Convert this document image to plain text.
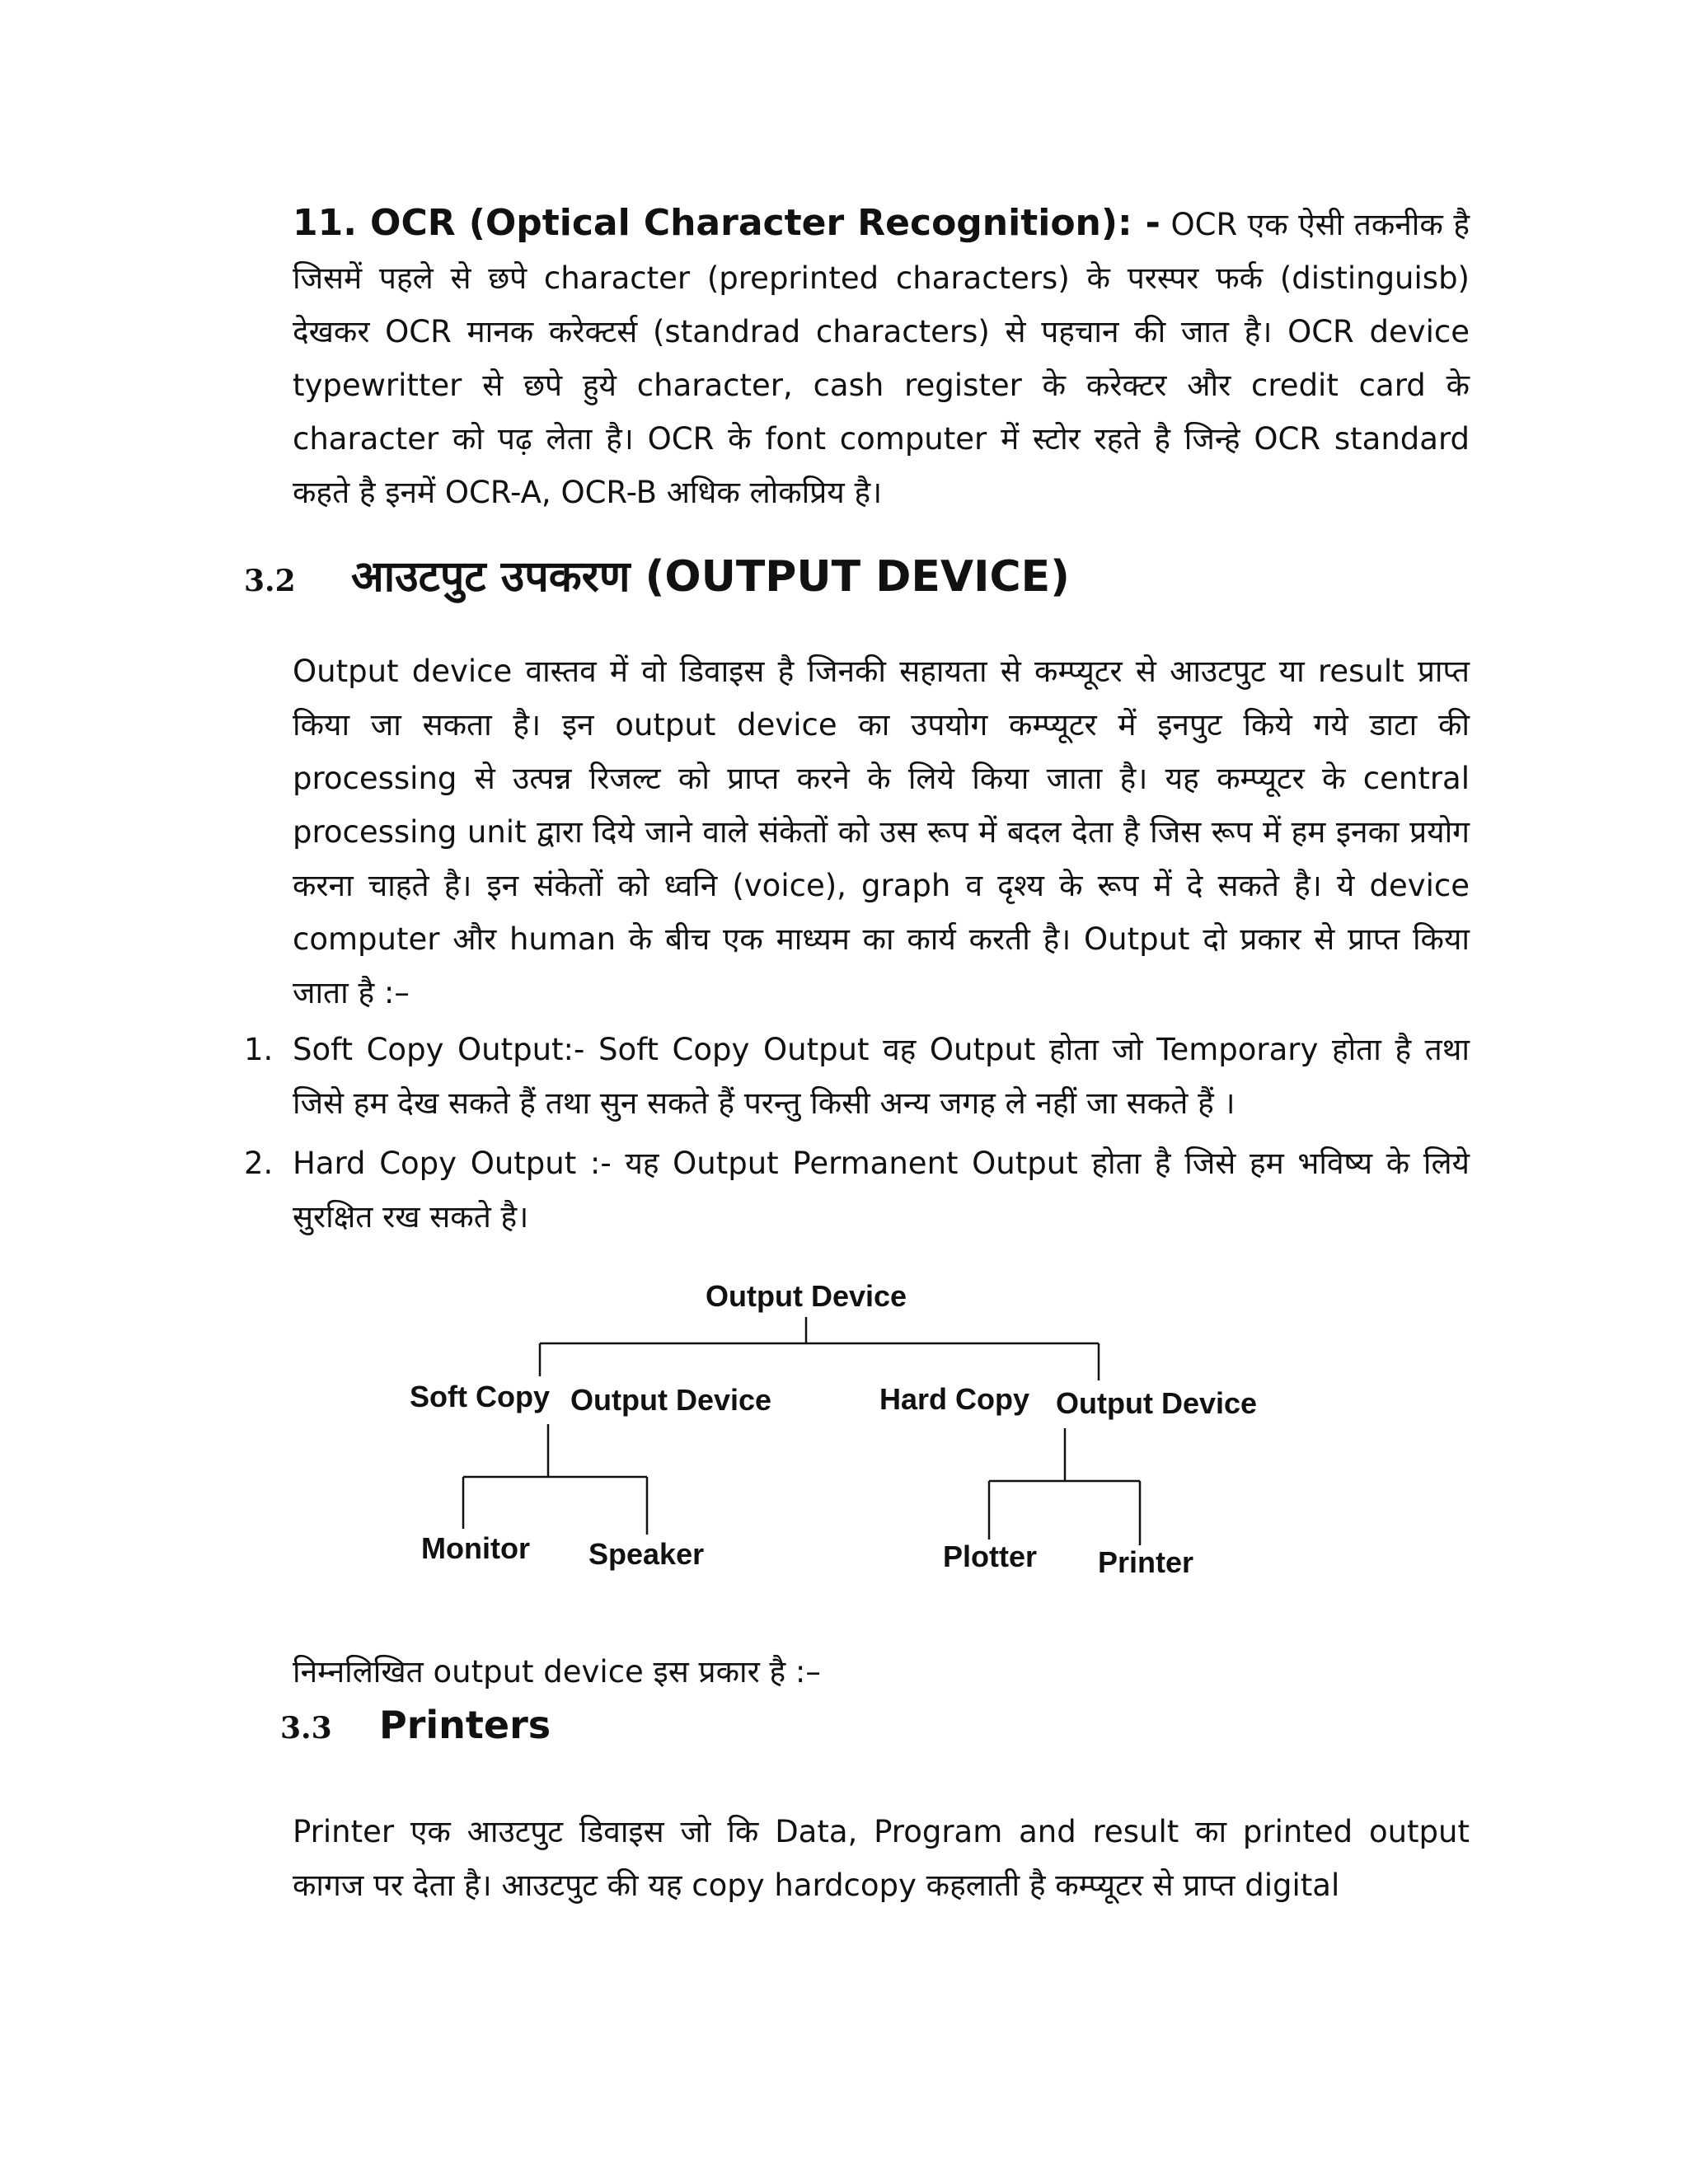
11. OCR (Optical Character Recognition): - OCR एक ऐसी तकनीक है जिसमें पहले से छपे character (preprinted characters) के परस्पर फर्क (distinguisb) देखकर OCR मानक करेक्टर्स (standrad characters) से पहचान की जात है। OCR device typewritter से छपे हुये character, cash register के करेक्टर और credit card के character को पढ़ लेता है। OCR के font computer में स्टोर रहते है जिन्हे OCR standard कहते है इनमें OCR-A, OCR-B अधिक लोकप्रिय है।

3.2 आउटपुट उपकरण (OUTPUT DEVICE)

Output device वास्तव में वो डिवाइस है जिनकी सहायता से कम्प्यूटर से आउटपुट या result प्राप्त किया जा सकता है। इन output device का उपयोग कम्प्यूटर में इनपुट किये गये डाटा की processing से उत्पन्न रिजल्ट को प्राप्त करने के लिये किया जाता है। यह कम्प्यूटर के central processing unit द्वारा दिये जाने वाले संकेतों को उस रूप में बदल देता है जिस रूप में हम इनका प्रयोग करना चाहते है। इन संकेतों को ध्वनि (voice), graph व दृश्य के रूप में दे सकते है। ये device computer और human के बीच एक माध्यम का कार्य करती है। Output दो प्रकार से प्राप्त किया जाता है :–

1. Soft Copy Output:- Soft Copy Output वह Output होता जो Temporary होता है तथा जिसे हम देख सकते हैं तथा सुन सकते हैं परन्तु किसी अन्य जगह ले नहीं जा सकते हैं ।
2. Hard Copy Output :- यह Output Permanent Output होता है जिसे हम भविष्य के लिये सुरक्षित रख सकते है।
Output Device
Soft Copy Output Device	Hard Copy Output Device
Monitor Speaker	Plotter Printer

निम्नलिखित output device इस प्रकार है :–

3.3 Printers

Printer एक आउटपुट डिवाइस जो कि Data, Program and result का printed output कागज पर देता है। आउटपुट की यह copy hardcopy कहलाती है कम्प्यूटर से प्राप्त digital
